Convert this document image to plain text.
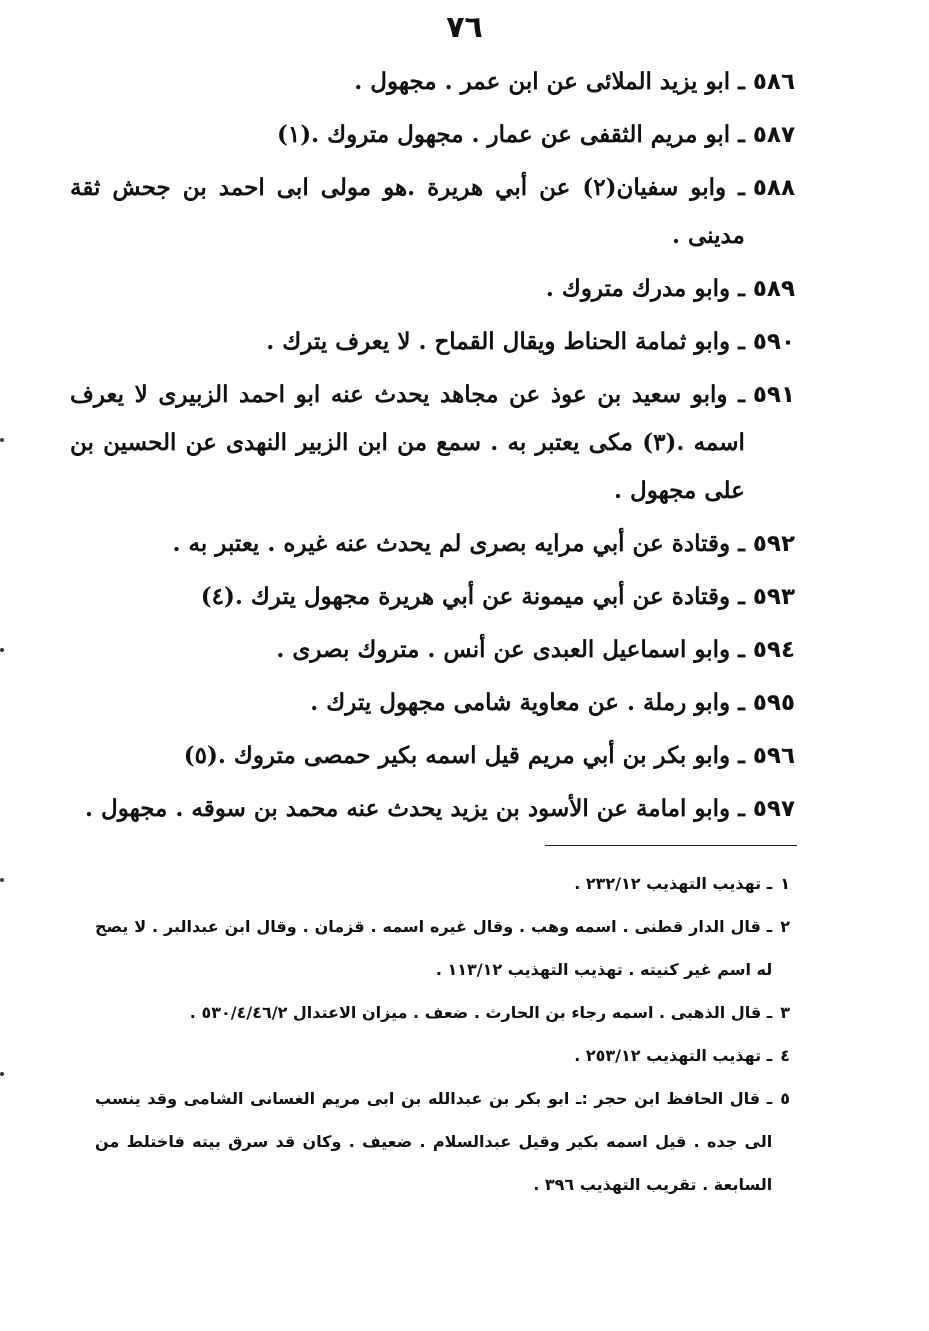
٧٦
٥٨٦
ـ ابو يزيد الملائى عن ابن عمر . مجهول .
٥٨٧
ـ ابو مريم الثقفى عن عمار . مجهول متروك .(١)
٥٨٨
ـ وابو سفيان(٢) عن أبي هريرة .هو مولى ابى احمد بن جحش ثقة مدينى .
٥٨٩
ـ وابو مدرك متروك .
٥٩٠
ـ وابو ثمامة الحناط ويقال القماح . لا يعرف يترك .
٥٩١
ـ وابو سعيد بن عوذ عن مجاهد يحدث عنه ابو احمد الزبيرى لا يعرف اسمه .(٣) مكى يعتبر به . سمع من ابن الزبير النهدى عن الحسين بن على مجهول .
٥٩٢
ـ وقتادة عن أبي مرايه بصرى لم يحدث عنه غيره . يعتبر به .
٥٩٣
ـ وقتادة عن أبي ميمونة عن أبي هريرة مجهول يترك .(٤)
٥٩٤
ـ وابو اسماعيل العبدى عن أنس . متروك بصرى .
٥٩٥
ـ وابو رملة . عن معاوية شامى مجهول يترك .
٥٩٦
ـ وابو بكر بن أبي مريم قيل اسمه بكير حمصى متروك .(٥)
٥٩٧
ـ وابو امامة عن الأسود بن يزيد يحدث عنه محمد بن سوقه . مجهول .
١
ـ تهذيب التهذيب ٢٣٢/١٢ .
٢
ـ قال الدار قطنى . اسمه وهب . وقال غيره اسمه . قزمان . وقال ابن عبدالبر . لا يصح له اسم غير كنيته . تهذيب التهذيب ١١٣/١٢ .
٣
ـ قال الذهبى . اسمه رجاء بن الحارث . ضعف . ميزان الاعتدال ٥٣٠/٤/٤٦/٢ .
٤
ـ تهذيب التهذيب ٢٥٣/١٢ .
٥
ـ قال الحافظ ابن حجر :ـ ابو بكر بن عبدالله بن ابى مريم الغسانى الشامى وقد ينسب الى جده . قيل اسمه بكير وقيل عبدالسلام . ضعيف . وكان قد سرق بيته فاختلط من السابعة . تقريب التهذيب ٣٩٦ .
